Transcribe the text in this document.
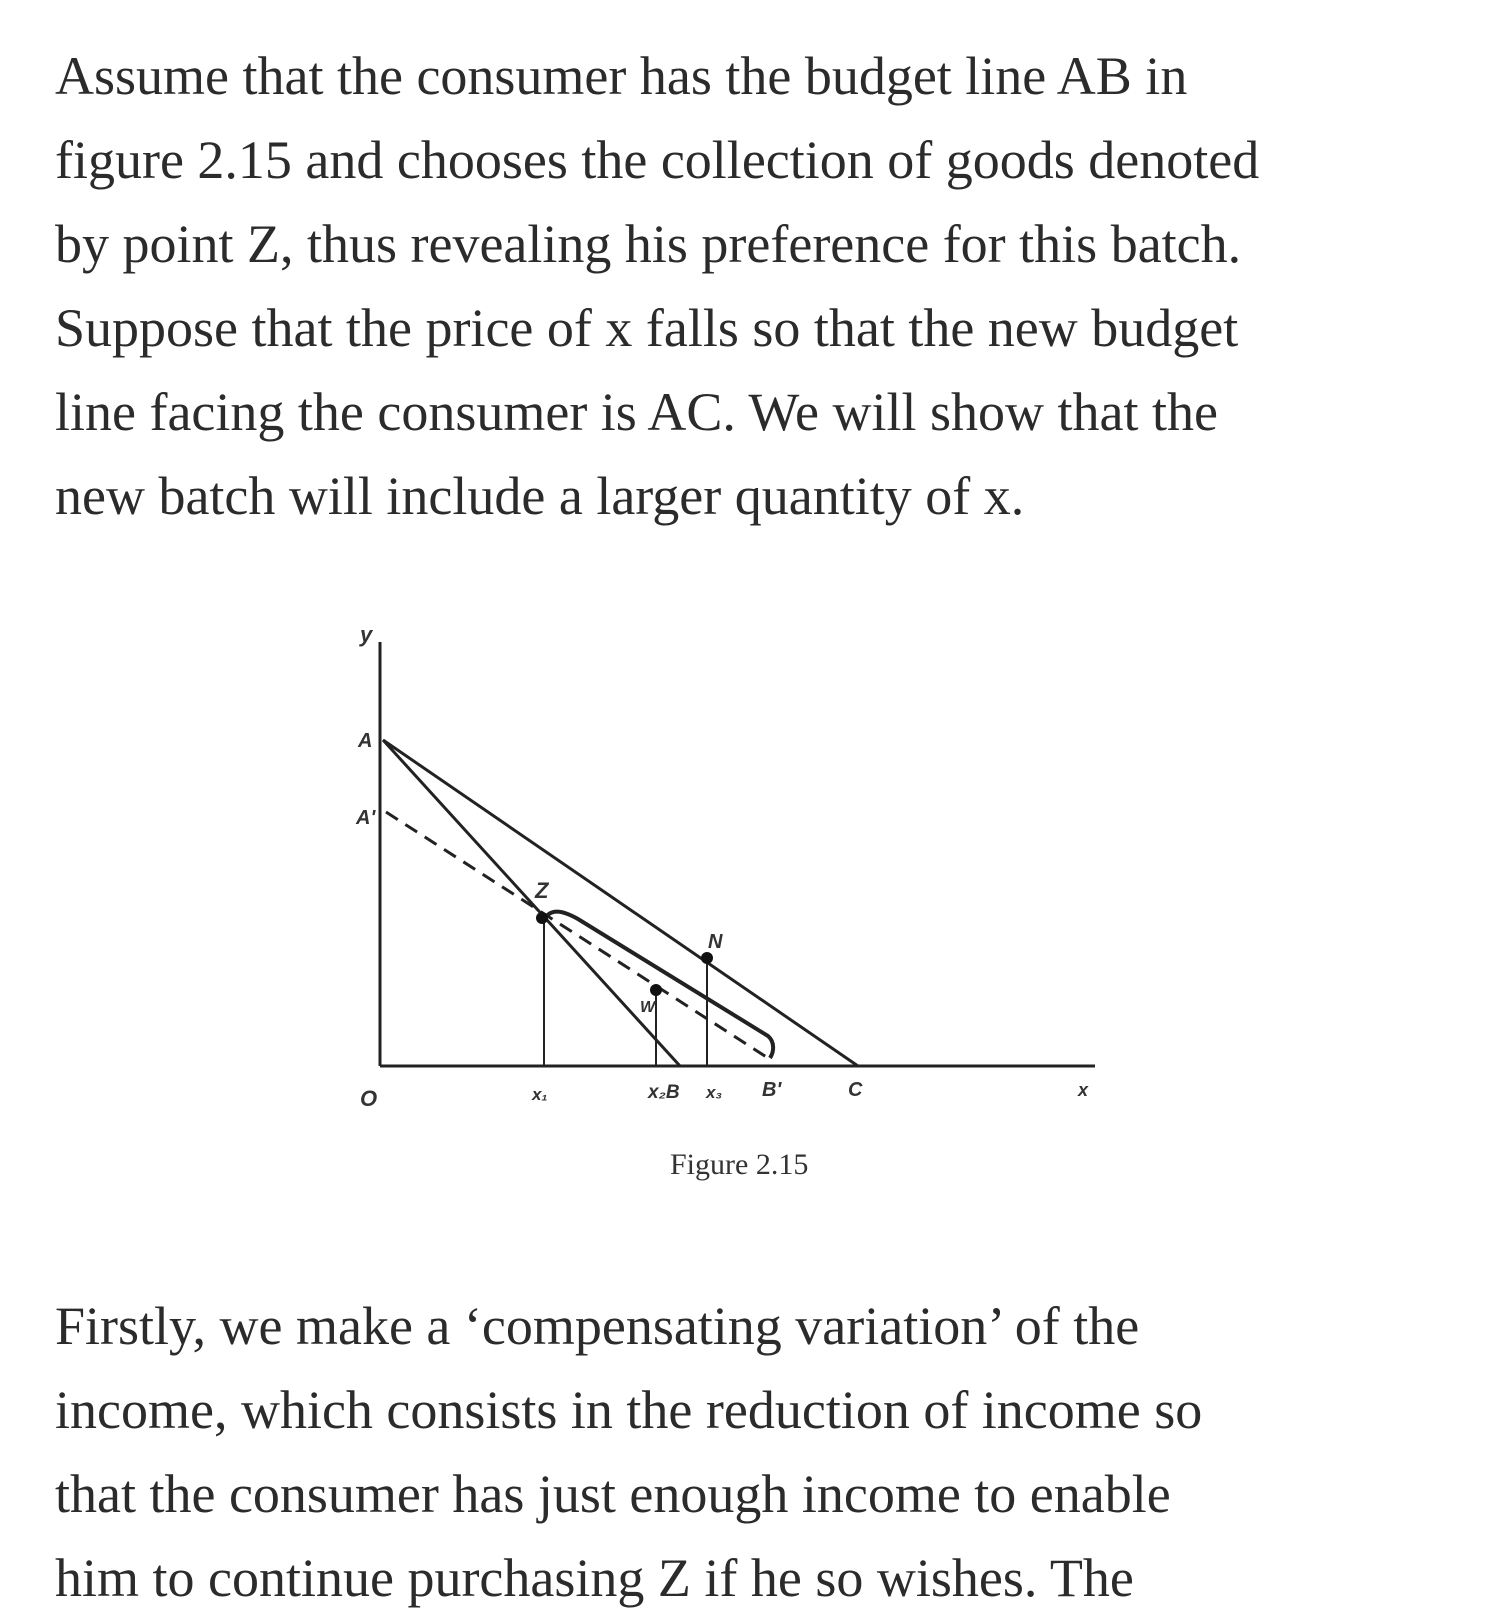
Assume that the consumer has the budget line AB in
figure 2.15 and chooses the collection of goods denoted
by point Z, thus revealing his preference for this batch.
Suppose that the price of x falls so that the new budget
line facing the consumer is AC. We will show that the
new batch will include a larger quantity of x.

y
A
A'
Z
N
W
O	x₁	x₂B x₃ B'	C	x
Figure 2.15

Firstly, we make a ‘compensating variation’ of the
income, which consists in the reduction of income so
that the consumer has just enough income to enable
him to continue purchasing Z if he so wishes. The
